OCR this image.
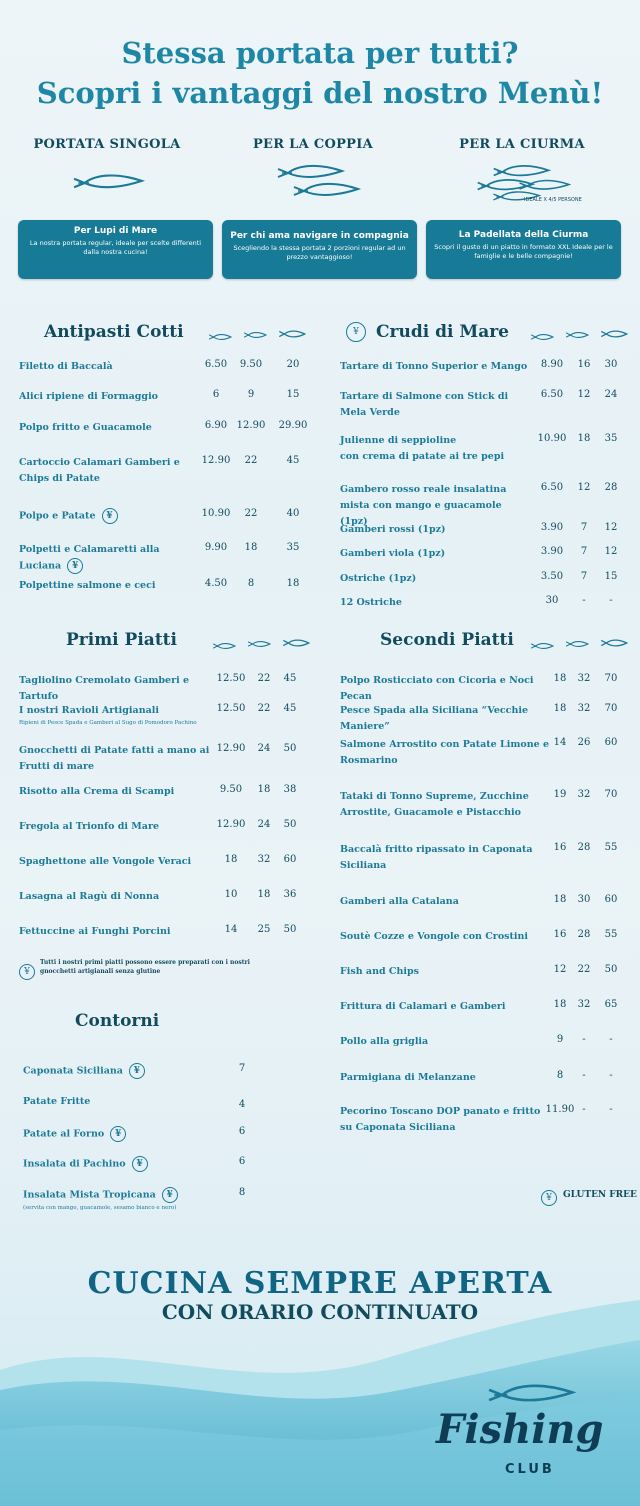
Stessa portata per tutti?
Scopri i vantaggi del nostro Menù!
PORTATA SINGOLA	PER LA COPPIA	PER LA CIURMA
IDEALE X 4/5 PERSONE
Per Lupi di Mare
La nostra portata regular, ideale per scelte differenti dalla nostra cucina!
Per chi ama navigare in compagnia
Scegliendo la stessa portata 2 porzioni regular ad un prezzo vantaggioso!
La Padellata della Ciurma
Scopri il gusto di un piatto in formato XXL Ideale per le famiglie e le belle compagnie!
Antipasti Cotti
	¥	Crudi di Mare

Filetto di Baccalà	6.50	9.50	20
Alici ripiene di Formaggio	6	9	15
Polpo fritto e Guacamole	6.90 12.90 29.90
Cartoccio Calamari Gamberi e Chips di Patate
12.90	22	45
Polpo e Patate ¥	10.90	22	40
Polpetti e Calamaretti alla Luciana ¥
9.90	18	35
Polpettine salmone e ceci	4.50	8	18
Tartare di Tonno Superior e Mango	8.90	16	30
Tartare di Salmone con Stick di Mela Verde
6.50	12	24
Julienne di seppioline
con crema di patate ai tre pepi
10.90	18	35
Gambero rosso reale insalatina mista con mango e guacamole (1pz)
6.50	12	28
Gamberi rossi (1pz)	3.90	7	12
Gamberi viola (1pz)	3.90	7	12
Ostriche (1pz)	3.50	7	15
12 Ostriche	30	-	-
Primi Piatti
	Secondi Piatti

Tagliolino Cremolato Gamberi e Tartufo
12.50	22	45
I nostri Ravioli Artigianali
Ripieni di Pesce Spada e Gamberi al Sugo di Pomodoro Pachino
12.50	22	45
Gnocchetti di Patate fatti a mano ai Frutti di mare
12.90	24	50
Risotto alla Crema di Scampi	9.50	18	38
Fregola al Trionfo di Mare	12.90	24	50
Spaghettone alle Vongole Veraci	18	32	60
Lasagna al Ragù di Nonna	10	18	36
Fettuccine ai Funghi Porcini	14	25	50
Polpo Rosticciato con Cicoria e Noci Pecan
18	32	70
Pesce Spada alla Siciliana “Vecchie Maniere”
18	32	70
Salmone Arrostito con Patate Limone e Rosmarino
14	26	60
Tataki di Tonno Supreme, Zucchine Arrostite, Guacamole e Pistacchio
19	32	70
Baccalà fritto ripassato in Caponata Siciliana
16	28	55
Gamberi alla Catalana	18	30	60
Soutè Cozze e Vongole con Crostini	16	28	55
Fish and Chips	12	22	50
Frittura di Calamari e Gamberi	18	32	65
Pollo alla griglia	9	-	-
Parmigiana di Melanzane	8	-	-
Pecorino Toscano DOP panato e fritto su Caponata Siciliana
11.90 -	-
¥
Tutti i nostri primi piatti possono essere preparati con i nostri gnocchetti artigianali senza glutine
Contorni
Caponata Siciliana ¥	7
Patate Fritte	4
Patate al Forno ¥	6
Insalata di Pachino ¥	6
Insalata Mista Tropicana ¥
(servita con mango, guacamole, sesamo bianco e nero)
8	¥	GLUTEN FREE
CUCINA SEMPRE APERTA
CON ORARIO CONTINUATO
Fishing
CLUB
